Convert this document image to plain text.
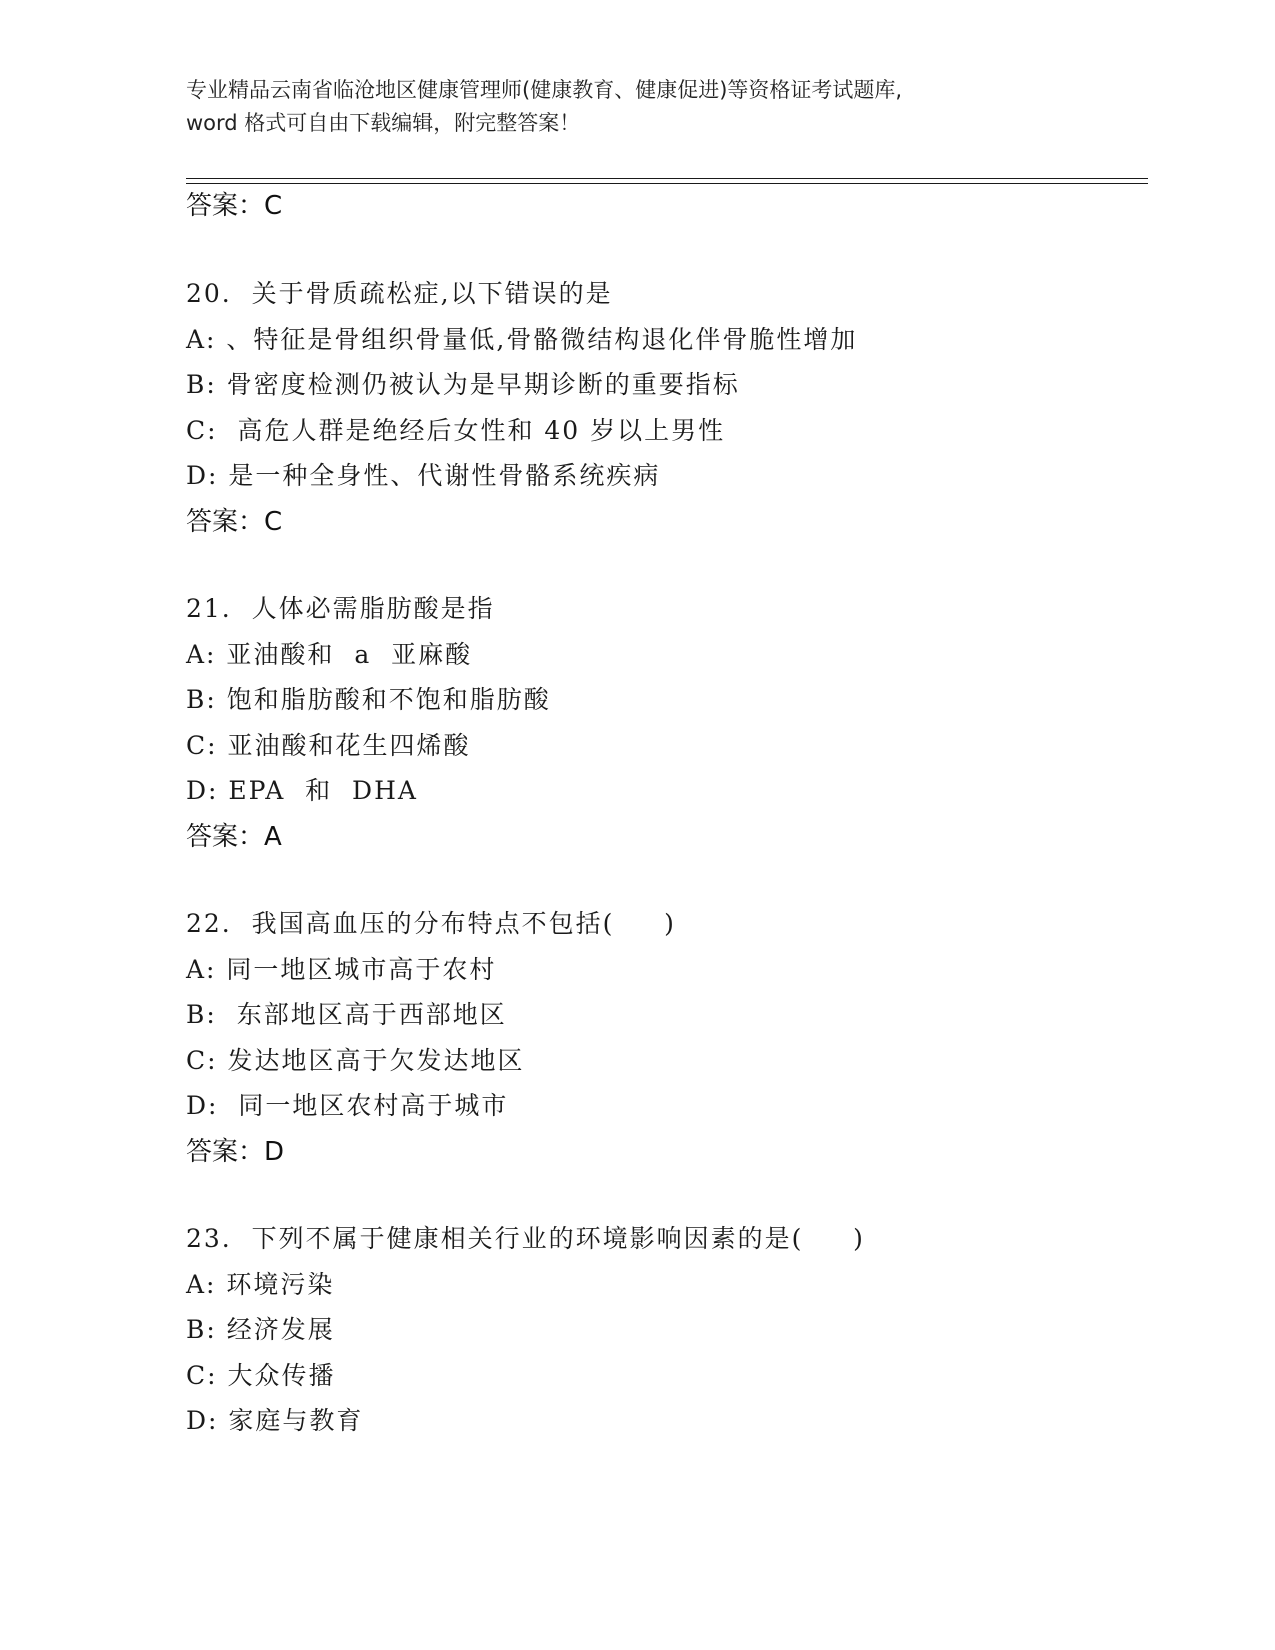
专业精品云南省临沧地区健康管理师(健康教育、健康促进)等资格证考试题库,
word 格式可自由下载编辑，附完整答案！
答案：C
20.  关于骨质疏松症,以下错误的是
A: 、特征是骨组织骨量低,骨骼微结构退化伴骨脆性增加
B: 骨密度检测仍被认为是早期诊断的重要指标
C:  高危人群是绝经后女性和 40 岁以上男性
D: 是一种全身性、代谢性骨骼系统疾病
答案：C
21.  人体必需脂肪酸是指
A: 亚油酸和  a  亚麻酸
B: 饱和脂肪酸和不饱和脂肪酸
C: 亚油酸和花生四烯酸
D: EPA  和  DHA
答案：A
22.  我国高血压的分布特点不包括(     )
A: 同一地区城市高于农村
B:  东部地区高于西部地区
C: 发达地区高于欠发达地区
D:  同一地区农村高于城市
答案：D
23.  下列不属于健康相关行业的环境影响因素的是(     )
A: 环境污染
B: 经济发展
C: 大众传播
D: 家庭与教育
